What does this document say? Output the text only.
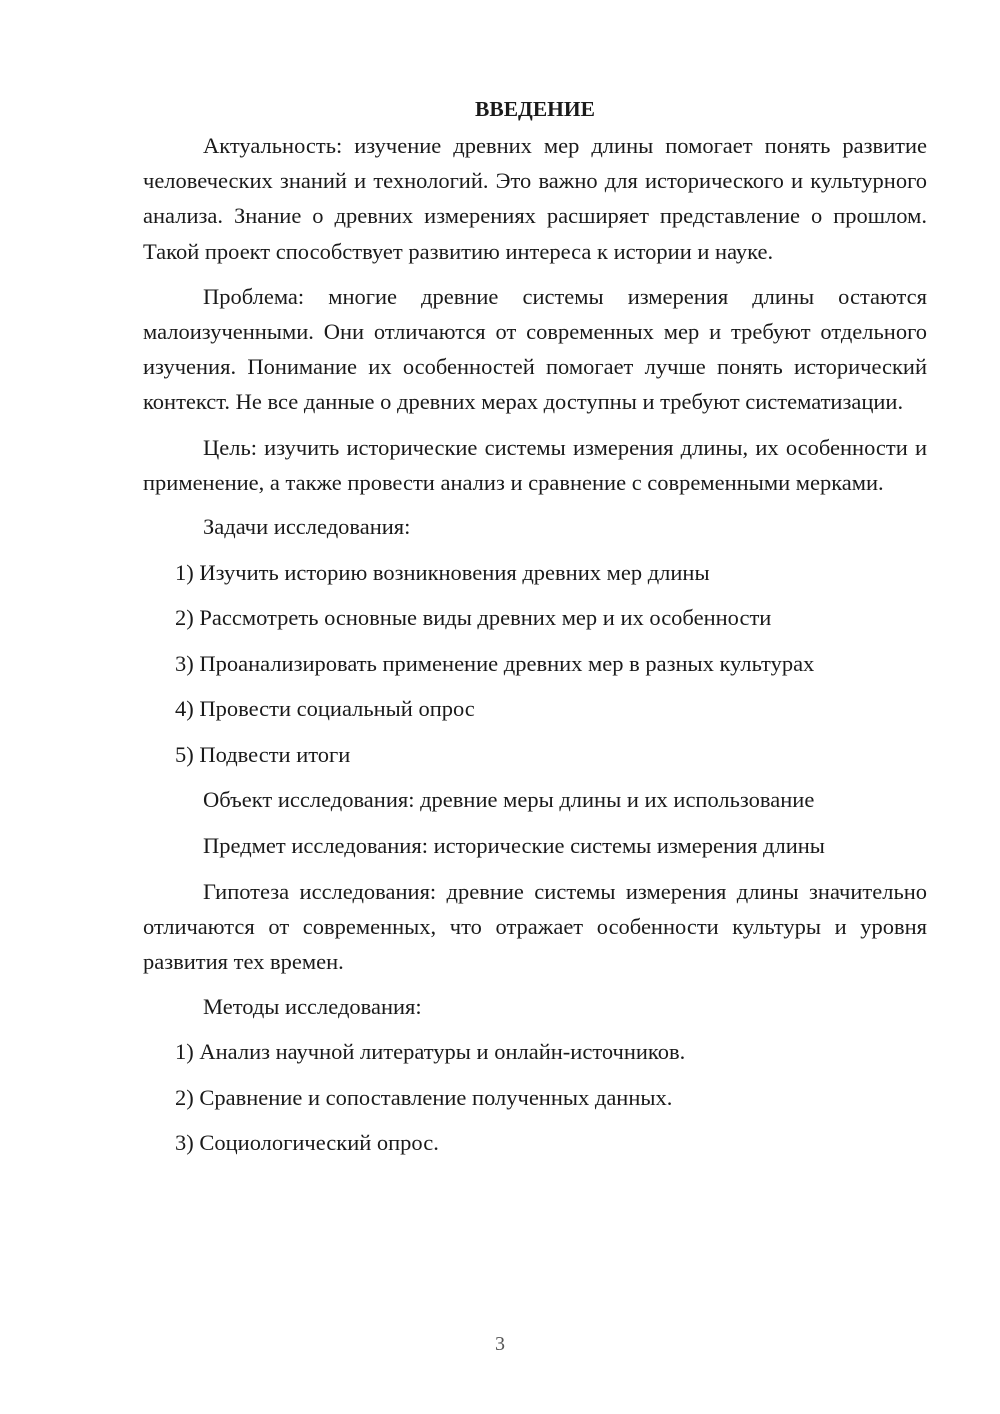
ВВЕДЕНИЕ

Актуальность: изучение древних мер длины помогает понять развитие человеческих знаний и технологий. Это важно для исторического и культурного анализа. Знание о древних измерениях расширяет представление о прошлом. Такой проект способствует развитию интереса к истории и науке.

Проблема: многие древние системы измерения длины остаются малоизученными. Они отличаются от современных мер и требуют отдельного изучения. Понимание их особенностей помогает лучше понять исторический контекст. Не все данные о древних мерах доступны и требуют систематизации.

Цель: изучить исторические системы измерения длины, их особенности и применение, а также провести анализ и сравнение с современными мерками.

Задачи исследования:

1) Изучить историю возникновения древних мер длины

2) Рассмотреть основные виды древних мер и их особенности

3) Проанализировать применение древних мер в разных культурах

4) Провести социальный опрос

5) Подвести итоги

Объект исследования: древние меры длины и их использование

Предмет исследования: исторические системы измерения длины

Гипотеза исследования: древние системы измерения длины значительно отличаются от современных, что отражает особенности культуры и уровня развития тех времен.

Методы исследования:

1) Анализ научной литературы и онлайн-источников.

2) Сравнение и сопоставление полученных данных.

3) Социологический опрос.

3
